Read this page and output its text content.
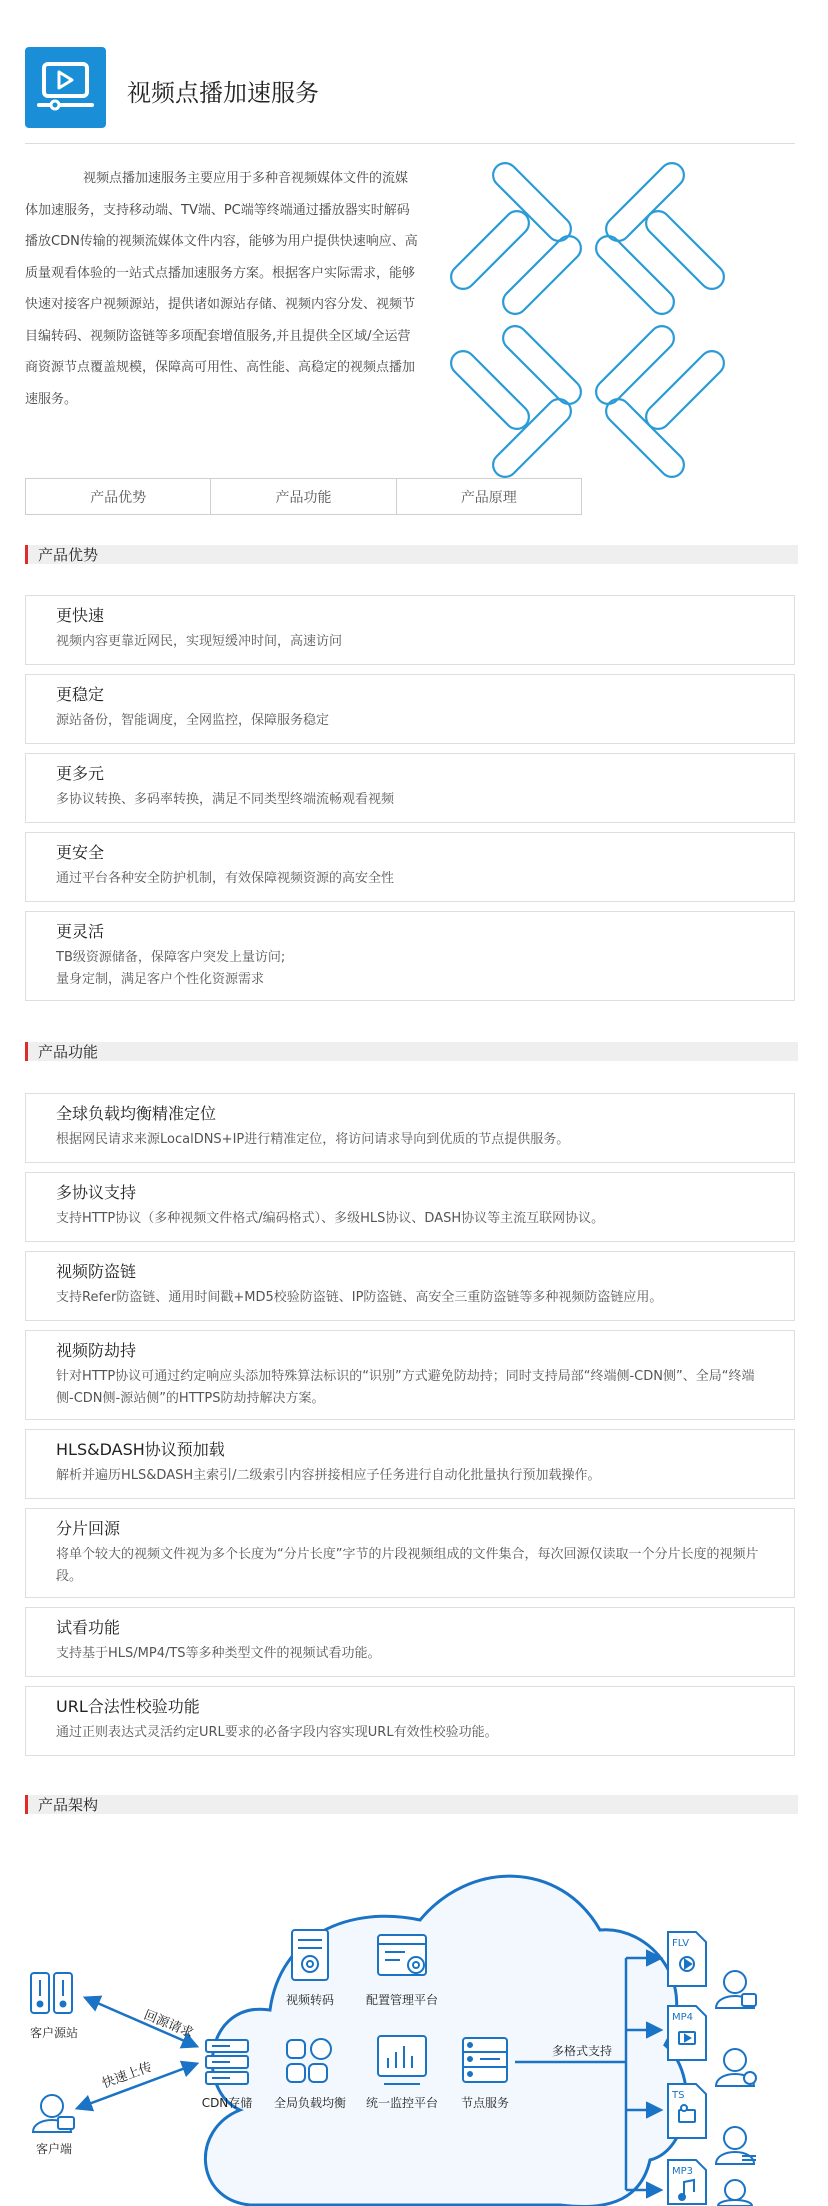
视频点播加速服务
视频点播加速服务主要应用于多种音视频媒体文件的流媒体加速服务，支持移动端、TV端、PC端等终端通过播放器实时解码播放CDN传输的视频流媒体文件内容，能够为用户提供快速响应、高质量观看体验的一站式点播加速服务方案。根据客户实际需求，能够快速对接客户视频源站，提供诸如源站存储、视频内容分发、视频节目编转码、视频防盗链等多项配套增值服务,并且提供全区域/全运营商资源节点覆盖规模，保障高可用性、高性能、高稳定的视频点播加速服务。
产品优势	产品功能	产品原理
产品优势
更快速
视频内容更靠近网民，实现短缓冲时间，高速访问
更稳定
源站备份，智能调度，全网监控，保障服务稳定
更多元
多协议转换、多码率转换，满足不同类型终端流畅观看视频
更安全
通过平台各种安全防护机制，有效保障视频资源的高安全性
更灵活
TB级资源储备，保障客户突发上量访问;
量身定制，满足客户个性化资源需求
产品功能
全球负载均衡精准定位
根据网民请求来源LocalDNS+IP进行精准定位，将访问请求导向到优质的节点提供服务。
多协议支持
支持HTTP协议（多种视频文件格式/编码格式）、多级HLS协议、DASH协议等主流互联网协议。
视频防盗链
支持Refer防盗链、通用时间戳+MD5校验防盗链、IP防盗链、高安全三重防盗链等多种视频防盗链应用。
视频防劫持
针对HTTP协议可通过约定响应头添加特殊算法标识的“识别”方式避免防劫持；同时支持局部“终端侧-CDN侧”、全局“终端侧-CDN侧-源站侧”的HTTPS防劫持解决方案。
HLS&DASH协议预加载
解析并遍历HLS&DASH主索引/二级索引内容拼接相应子任务进行自动化批量执行预加载操作。
分片回源
将单个较大的视频文件视为多个长度为“分片长度”字节的片段视频组成的文件集合，每次回源仅读取一个分片长度的视频片段。
试看功能
支持基于HLS/MP4/TS等多种类型文件的视频试看功能。
URL合法性校验功能
通过正则表达式灵活约定URL要求的必备字段内容实现URL有效性校验功能。
产品架构
客户源站
客户端
回源请求
快速上传
视频转码	配置管理平台
CDN存储 全局负载均衡 统一监控平台 节点服务
多格式支持
FLV
MP4
TS
MP3
